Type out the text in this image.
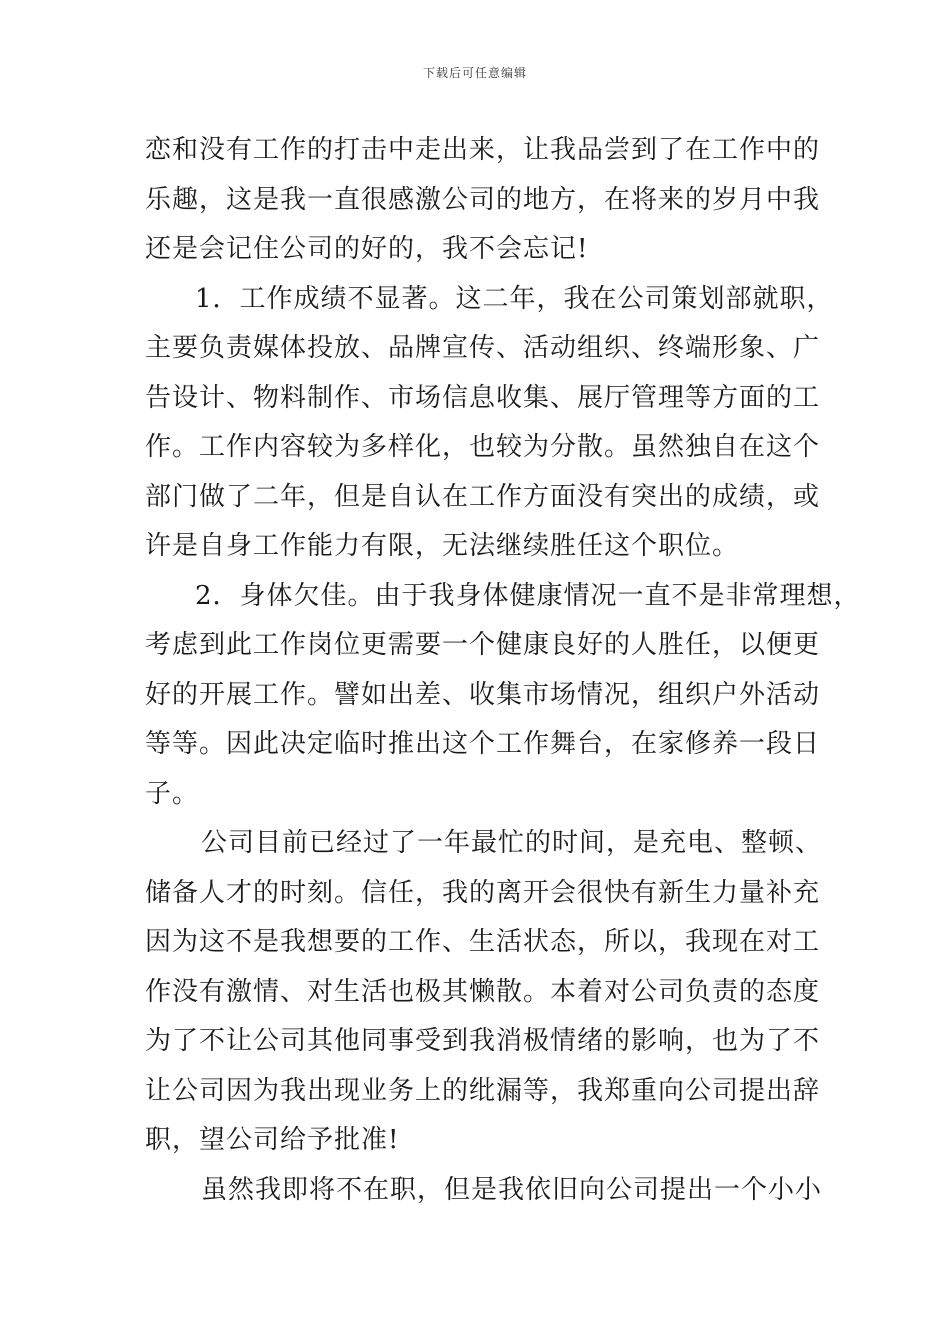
下载后可任意编辑
恋和没有工作的打击中走出来，让我品尝到了在工作中的
乐趣，这是我一直很感激公司的地方，在将来的岁月中我
还是会记住公司的好的，我不会忘记!
1．工作成绩不显著。这二年，我在公司策划部就职，
主要负责媒体投放、品牌宣传、活动组织、终端形象、广
告设计、物料制作、市场信息收集、展厅管理等方面的工
作。工作内容较为多样化，也较为分散。虽然独自在这个
部门做了二年，但是自认在工作方面没有突出的成绩，或
许是自身工作能力有限，无法继续胜任这个职位。
2．身体欠佳。由于我身体健康情况一直不是非常理想，
考虑到此工作岗位更需要一个健康良好的人胜任，以便更
好的开展工作。譬如出差、收集市场情况，组织户外活动
等等。因此决定临时推出这个工作舞台，在家修养一段日
子。
公司目前已经过了一年最忙的时间，是充电、整顿、
储备人才的时刻。信任，我的离开会很快有新生力量补充
因为这不是我想要的工作、生活状态，所以，我现在对工
作没有激情、对生活也极其懒散。本着对公司负责的态度
为了不让公司其他同事受到我消极情绪的影响，也为了不
让公司因为我出现业务上的纰漏等，我郑重向公司提出辞
职，望公司给予批准!
虽然我即将不在职，但是我依旧向公司提出一个小小
